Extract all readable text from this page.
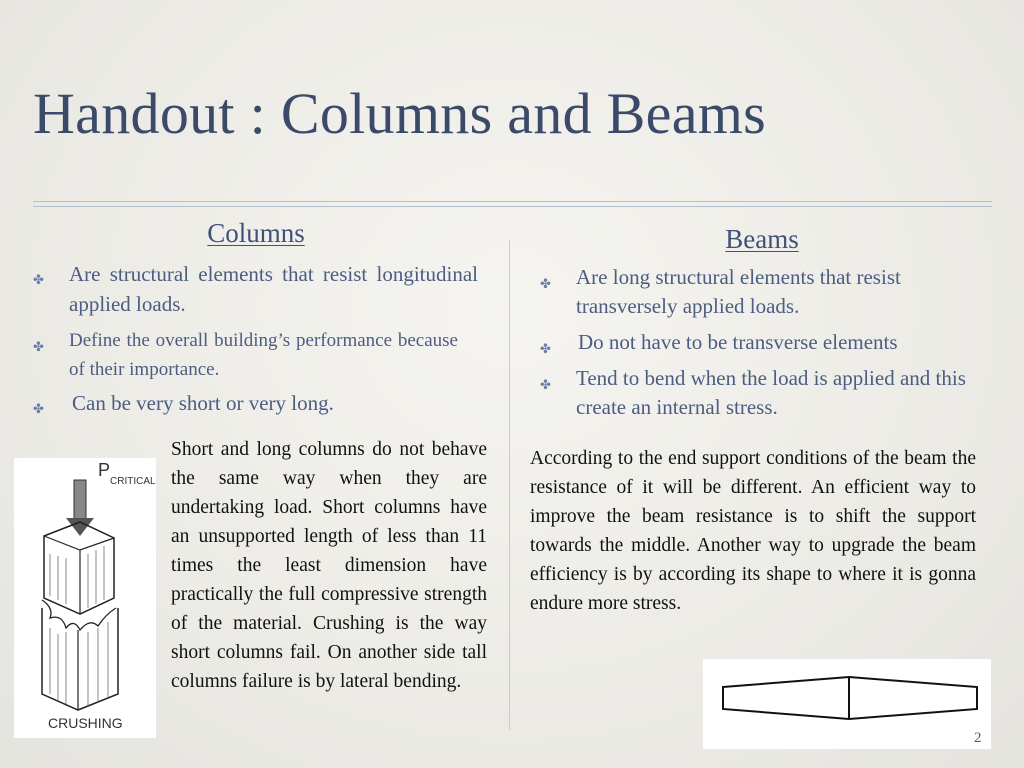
Handout : Columns and Beams
Columns
✤ Are structural elements that resist longitudinal applied loads.
✤ Define the overall building’s performance because of their importance.
✤ Can be very short or very long.
P
CRITICAL
CRUSHING

Short and long columns do not behave the same way when they are undertaking load. Short columns have an unsupported length of less than 11 times the least dimension have practically the full compressive strength of the material. Crushing is the way short columns fail. On another side tall columns failure is by lateral bending.

Beams
✤ Are long structural elements that resist transversely applied loads.
✤ Do not have to be transverse elements
✤ Tend to bend when the load is applied and this create an internal stress.

According to the end support conditions of the beam the resistance of it will be different. An efficient way to improve the beam resistance is to shift the support towards the middle. Another way to upgrade the beam efficiency is by according its shape to where it is gonna endure more stress.

2
